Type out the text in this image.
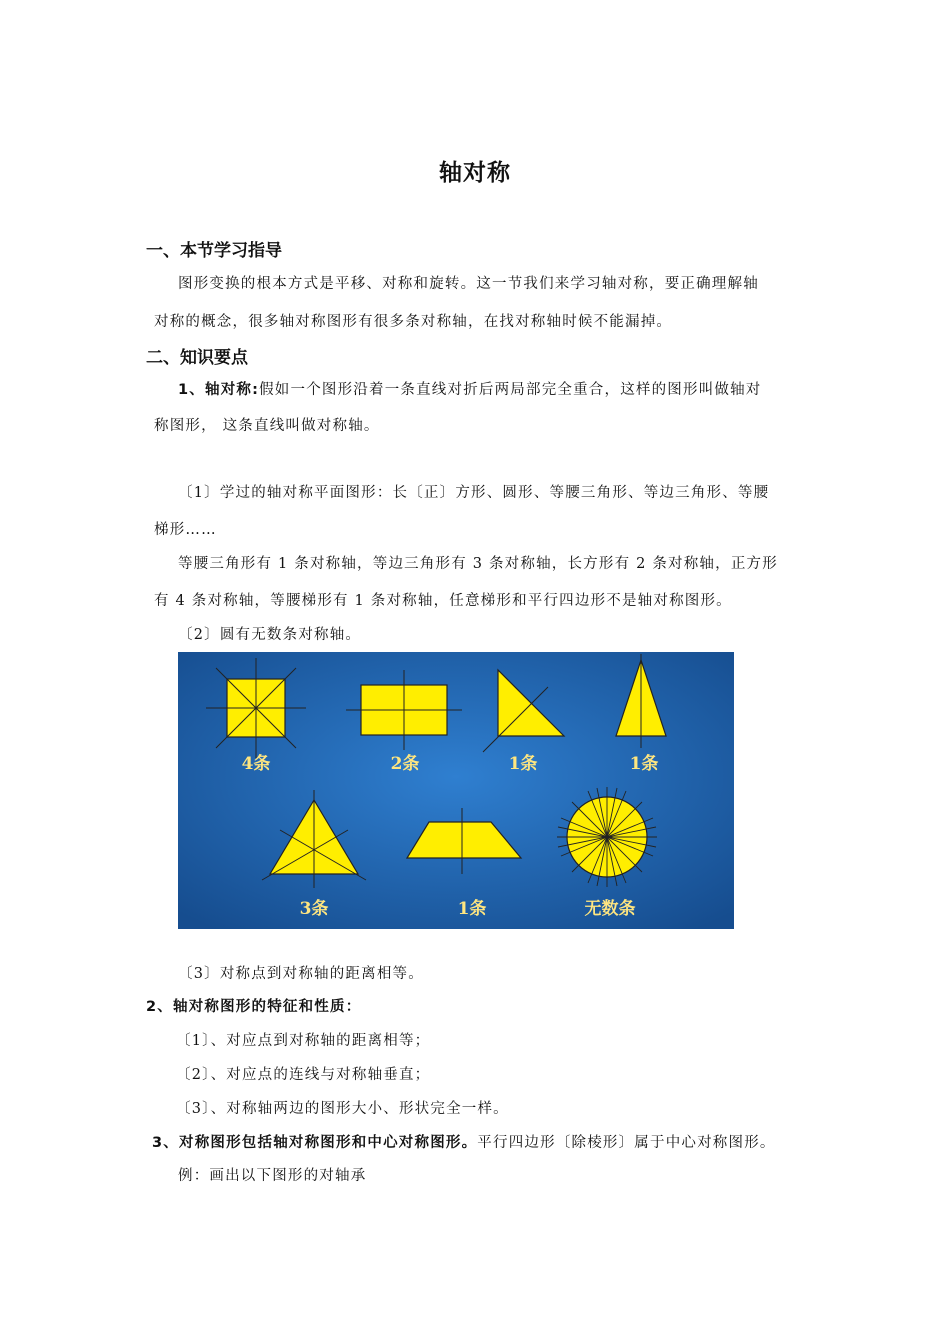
轴对称
一、本节学习指导
图形变换的根本方式是平移、对称和旋转。这一节我们来学习轴对称，要正确理解轴
对称的概念，很多轴对称图形有很多条对称轴，在找对称轴时候不能漏掉。
二、知识要点
1、轴对称:假如一个图形沿着一条直线对折后两局部完全重合，这样的图形叫做轴对
称图形， 这条直线叫做对称轴。
〔1〕学过的轴对称平面图形：长〔正〕方形、圆形、等腰三角形、等边三角形、等腰
梯形……
等腰三角形有 1 条对称轴，等边三角形有 3 条对称轴，长方形有 2 条对称轴，正方形
有 4 条对称轴，等腰梯形有 1 条对称轴，任意梯形和平行四边形不是轴对称图形。
〔2〕圆有无数条对称轴。
4条	2条	1条	1条
3条	1条	无数条
〔3〕对称点到对称轴的距离相等。
2、轴对称图形的特征和性质：
〔1〕、对应点到对称轴的距离相等；
〔2〕、对应点的连线与对称轴垂直；
〔3〕、对称轴两边的图形大小、形状完全一样。
3、对称图形包括轴对称图形和中心对称图形。平行四边形〔除棱形〕属于中心对称图形。
例：画出以下图形的对轴承
